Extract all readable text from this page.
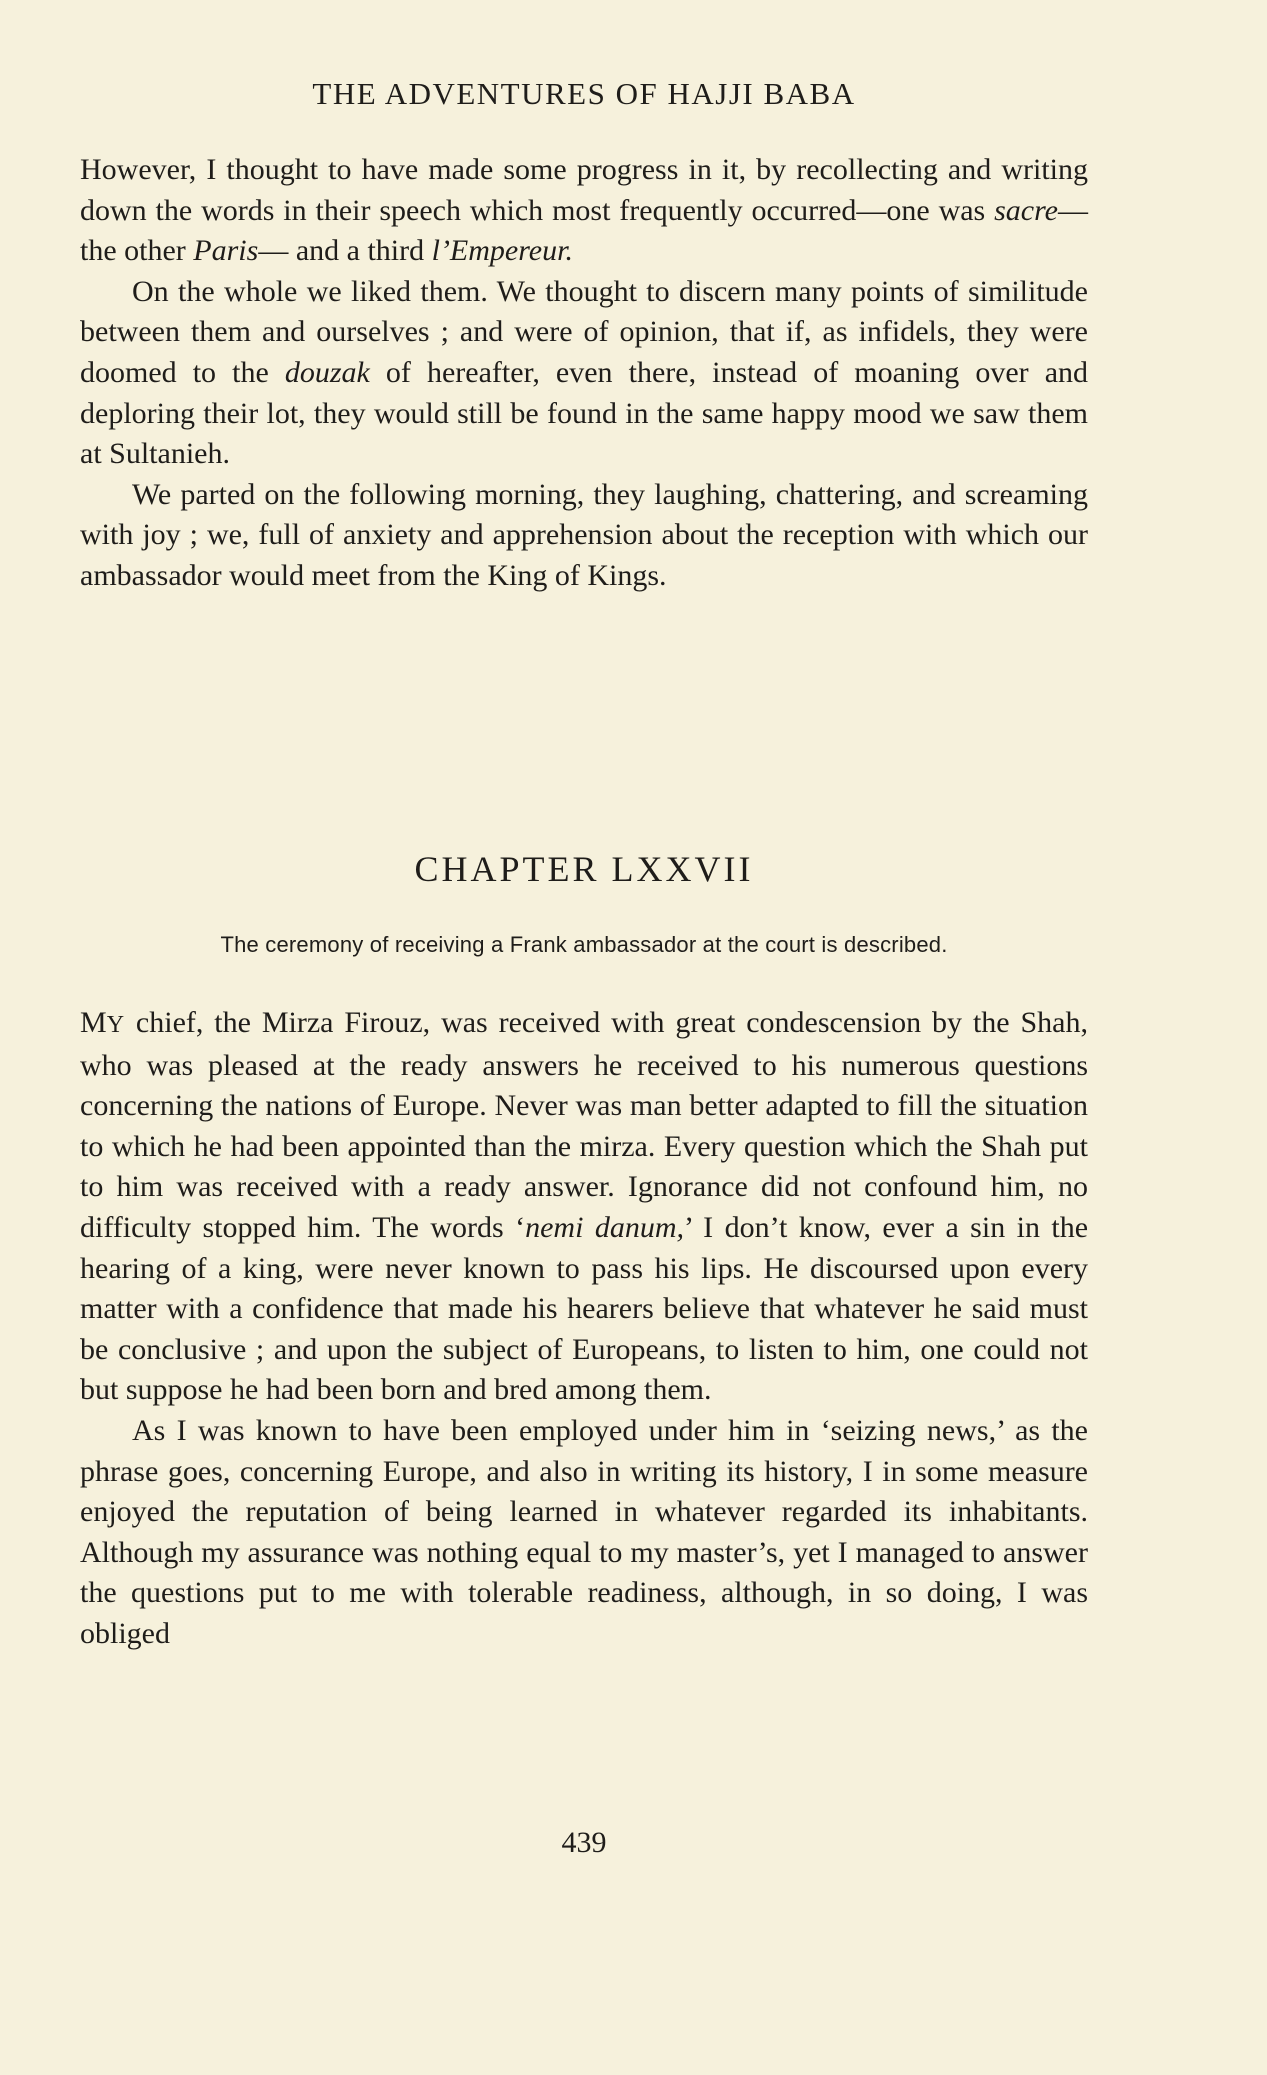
THE ADVENTURES OF HAJJI BABA

However, I thought to have made some progress in it, by recollecting and writing down the words in their speech which most frequently occurred—one was sacre—the other Paris— and a third l’Empereur.

On the whole we liked them. We thought to discern many points of similitude between them and ourselves ; and were of opinion, that if, as infidels, they were doomed to the douzak of hereafter, even there, instead of moaning over and deploring their lot, they would still be found in the same happy mood we saw them at Sultanieh.

We parted on the following morning, they laughing, chattering, and screaming with joy ; we, full of anxiety and apprehension about the reception with which our ambassador would meet from the King of Kings.

CHAPTER LXXVII
The ceremony of receiving a Frank ambassador at the court is described.

MY chief, the Mirza Firouz, was received with great condescension by the Shah, who was pleased at the ready answers he received to his numerous questions concerning the nations of Europe. Never was man better adapted to fill the situation to which he had been appointed than the mirza. Every question which the Shah put to him was received with a ready answer. Ignorance did not confound him, no difficulty stopped him. The words ‘nemi danum,’ I don’t know, ever a sin in the hearing of a king, were never known to pass his lips. He discoursed upon every matter with a confidence that made his hearers believe that whatever he said must be conclusive ; and upon the subject of Europeans, to listen to him, one could not but suppose he had been born and bred among them.

As I was known to have been employed under him in ‘seizing news,’ as the phrase goes, concerning Europe, and also in writing its history, I in some measure enjoyed the reputation of being learned in whatever regarded its inhabitants. Although my assurance was nothing equal to my master’s, yet I managed to answer the questions put to me with tolerable readiness, although, in so doing, I was obliged

439
